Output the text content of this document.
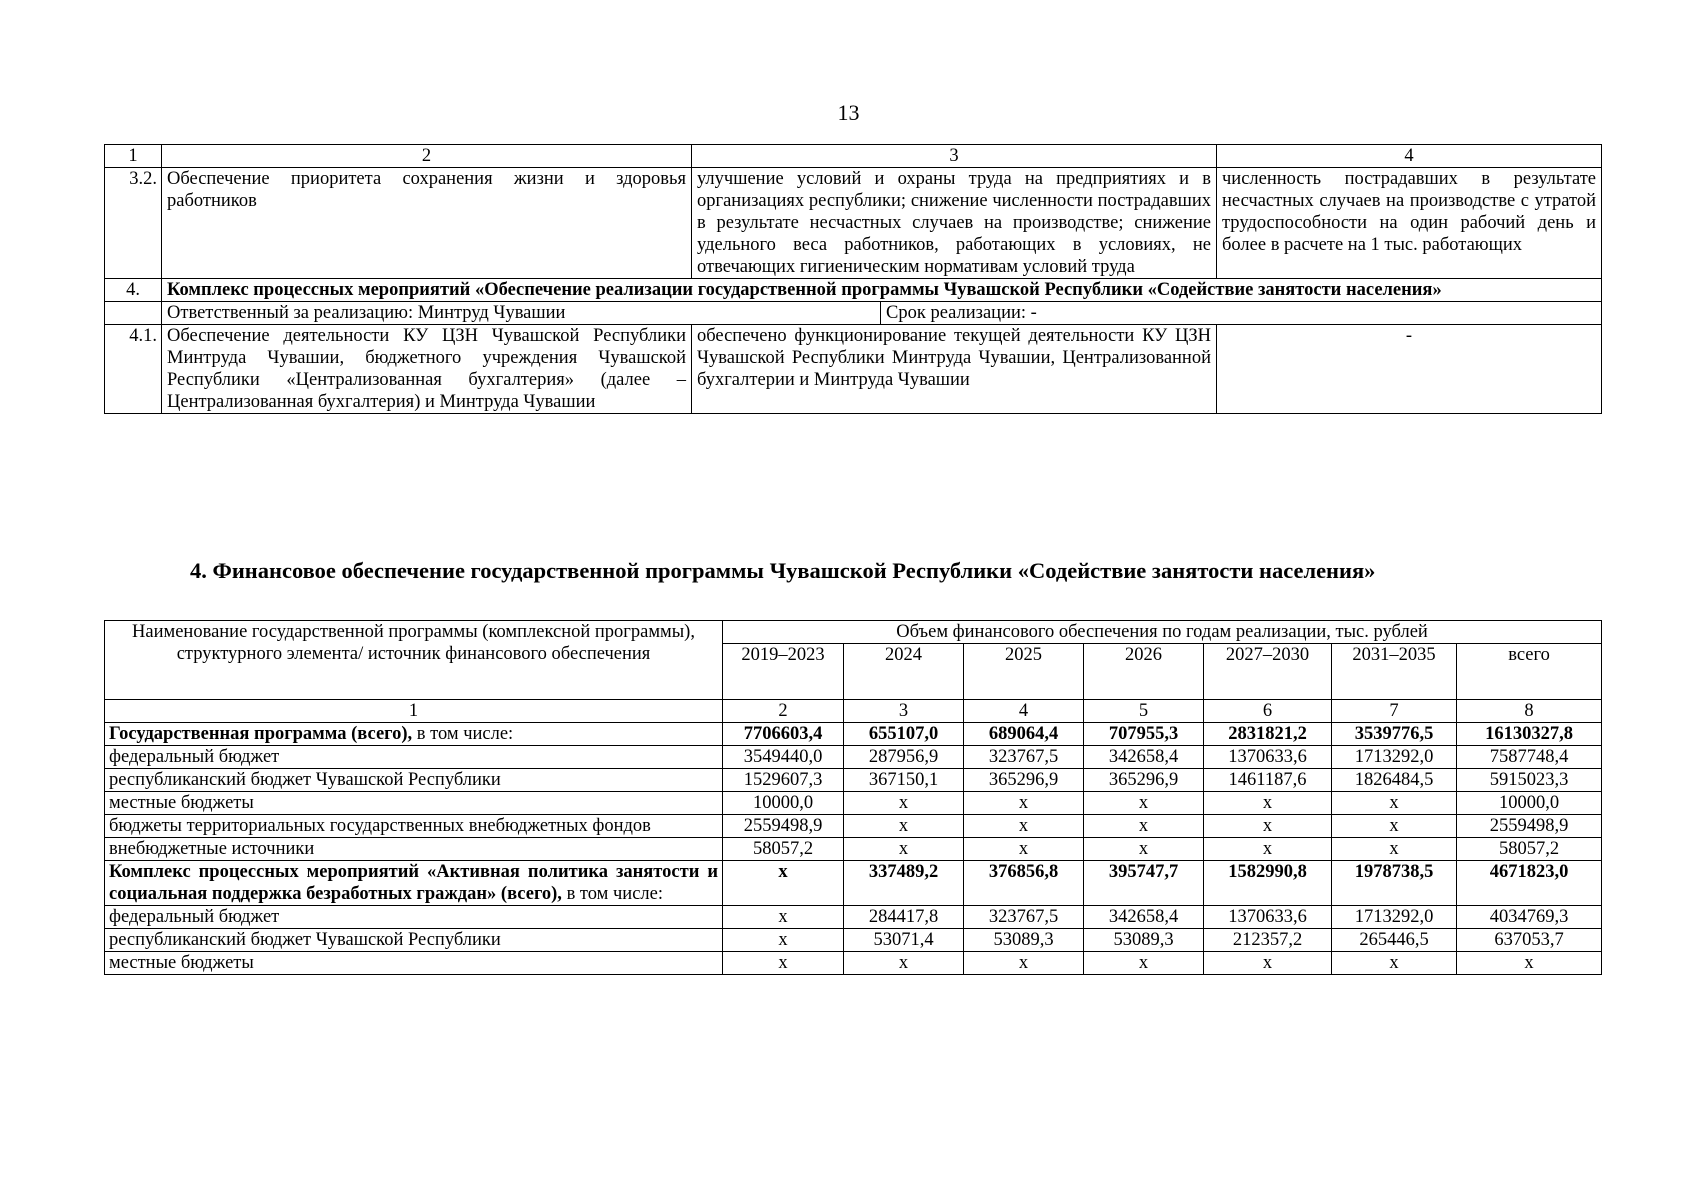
13
1	2	3	4
3.2.	Обеспечение приоритета сохранения жизни и здоровья работников	улучшение условий и охраны труда на предприятиях и в организациях республики; снижение численности пострадавших в результате несчастных случаев на производстве; снижение удельного веса работников, работающих в условиях, не отвечающих гигиеническим нормативам условий труда	численность пострадавших в результате несчастных случаев на производстве с утратой трудоспособности на один рабочий день и более в расчете на 1 тыс. работающих
4.	Комплекс процессных мероприятий «Обеспечение реализации государственной программы Чувашской Республики «Содействие занятости населения»		

	Ответственный за реализацию: Минтруд Чувашии Срок реализации: -		

4.1.	Обеспечение деятельности КУ ЦЗН Чувашской Республики Минтруда Чувашии, бюджетного учреждения Чувашской Республики «Централизованная бухгалтерия» (далее – Централизованная бухгалтерия) и Минтруда Чувашии	обеспечено функционирование текущей деятельности КУ ЦЗН Чувашской Республики Минтруда Чувашии, Централизованной бухгалтерии и Минтруда Чувашии	-
4. Финансовое обеспечение государственной программы Чувашской Республики «Содействие занятости населения»
Наименование государственной программы (комплексной программы), структурного элемента/ источник финансового обеспечения	Объем финансового обеспечения по годам реализации, тыс. рублей						
	2019–2023	2024	2025	2026	2027–2030	2031–2035	всего
1	2	3	4	5	6	7	8
Государственная программа (всего), в том числе:	7706603,4	655107,0	689064,4	707955,3	2831821,2	3539776,5	16130327,8
федеральный бюджет	3549440,0	287956,9	323767,5	342658,4	1370633,6	1713292,0	7587748,4
республиканский бюджет Чувашской Республики	1529607,3	367150,1	365296,9	365296,9	1461187,6	1826484,5	5915023,3
местные бюджеты	10000,0	x	x	x	x	x	10000,0
бюджеты территориальных государственных внебюджетных фондов	2559498,9	x	x	x	x	x	2559498,9
внебюджетные источники	58057,2	x	x	x	x	x	58057,2
Комплекс процессных мероприятий «Активная политика занятости и социальная поддержка безработных граждан» (всего), в том числе:	x	337489,2	376856,8	395747,7	1582990,8	1978738,5	4671823,0
федеральный бюджет	x	284417,8	323767,5	342658,4	1370633,6	1713292,0	4034769,3
республиканский бюджет Чувашской Республики	x	53071,4	53089,3	53089,3	212357,2	265446,5	637053,7
местные бюджеты	x	x	x	x	x	x	x
